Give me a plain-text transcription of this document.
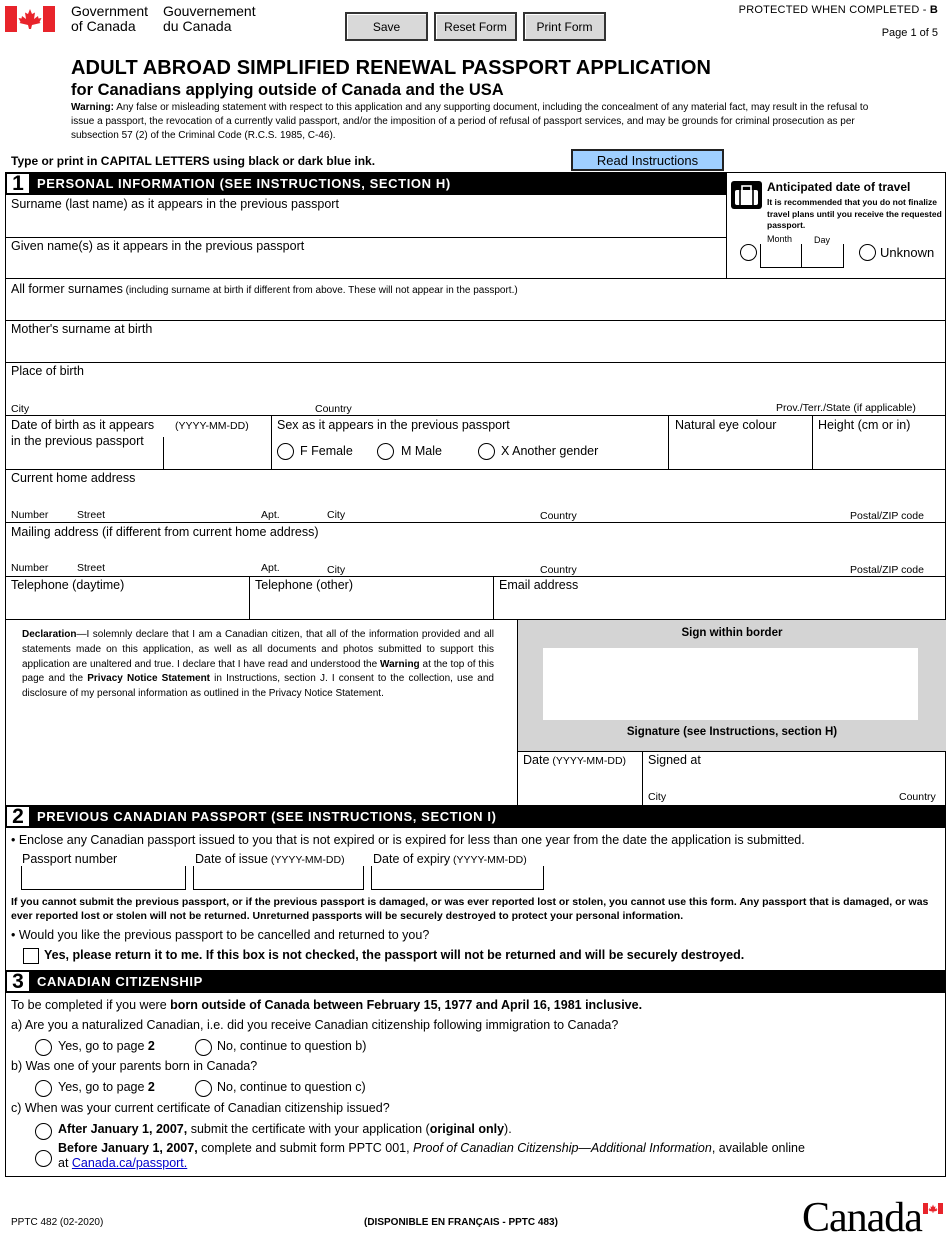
Government
of Canada
Gouvernement
du Canada	Save	Reset Form	Print Form
PROTECTED WHEN COMPLETED - B
Page 1 of 5
ADULT ABROAD SIMPLIFIED RENEWAL PASSPORT APPLICATION
for Canadians applying outside of Canada and the USA
Warning: Any false or misleading statement with respect to this application and any supporting document, including the concealment of any material fact, may result in the refusal to issue a passport, the revocation of a currently valid passport, and/or the imposition of a period of refusal of passport services, and may be grounds for criminal prosecution as per subsection 57 (2) of the Criminal Code (R.C.S. 1985, C-46).
Type or print in CAPITAL LETTERS using black or dark blue ink.	Read Instructions
1	PERSONAL INFORMATION (SEE INSTRUCTIONS, SECTION H)
Surname (last name) as it appears in the previous passport
Given name(s) as it appears in the previous passport
Anticipated date of travel
It is recommended that you do not finalize travel plans until you receive the requested passport.
Month Day
Unknown
All former surnames (including surname at birth if different from above. These will not appear in the passport.)
Mother's surname at birth
Place of birth
City	Country	Prov./Terr./State (if applicable)
Date of birth as it appears in the previous passport
(YYYY-MM-DD) Sex as it appears in the previous passport
F Female	M Male	X Another gender
Natural eye colour	Height (cm or in)
Current home address
Number	Street	Apt.	City	Country	Postal/ZIP code
Mailing address (if different from current home address)
Number	Street	Apt.	City	Country	Postal/ZIP code
Telephone (daytime)	Telephone (other)	Email address
Declaration—I solemnly declare that I am a Canadian citizen, that all of the information provided and all statements made on this application, as well as all documents and photos submitted to support this application are unaltered and true. I declare that I have read and understood the Warning at the top of this page and the Privacy Notice Statement in Instructions, section J. I consent to the collection, use and disclosure of my personal information as outlined in the Privacy Notice Statement.
Sign within border
Signature (see Instructions, section H)
Date (YYYY-MM-DD) Signed at
City	Country
2	PREVIOUS CANADIAN PASSPORT (SEE INSTRUCTIONS, SECTION I)
• Enclose any Canadian passport issued to you that is not expired or is expired for less than one year from the date the application is submitted.
Passport number	Date of issue (YYYY-MM-DD) Date of expiry (YYYY-MM-DD)
If you cannot submit the previous passport, or if the previous passport is damaged, or was ever reported lost or stolen, you cannot use this form. Any passport that is damaged, or was ever reported lost or stolen will not be returned. Unreturned passports will be securely destroyed to protect your personal information.
• Would you like the previous passport to be cancelled and returned to you?
Yes, please return it to me. If this box is not checked, the passport will not be returned and will be securely destroyed.
3	CANADIAN CITIZENSHIP
To be completed if you were born outside of Canada between February 15, 1977 and April 16, 1981 inclusive.
a) Are you a naturalized Canadian, i.e. did you receive Canadian citizenship following immigration to Canada?
Yes, go to page 2	No, continue to question b)
b) Was one of your parents born in Canada?
Yes, go to page 2	No, continue to question c)
c) When was your current certificate of Canadian citizenship issued?
After January 1, 2007, submit the certificate with your application (original only).
Before January 1, 2007, complete and submit form PPTC 001, Proof of Canadian Citizenship—Additional Information, available online
at Canada.ca/passport.
PPTC 482 (02-2020)	(DISPONIBLE EN FRANÇAIS - PPTC 483)	Canada
